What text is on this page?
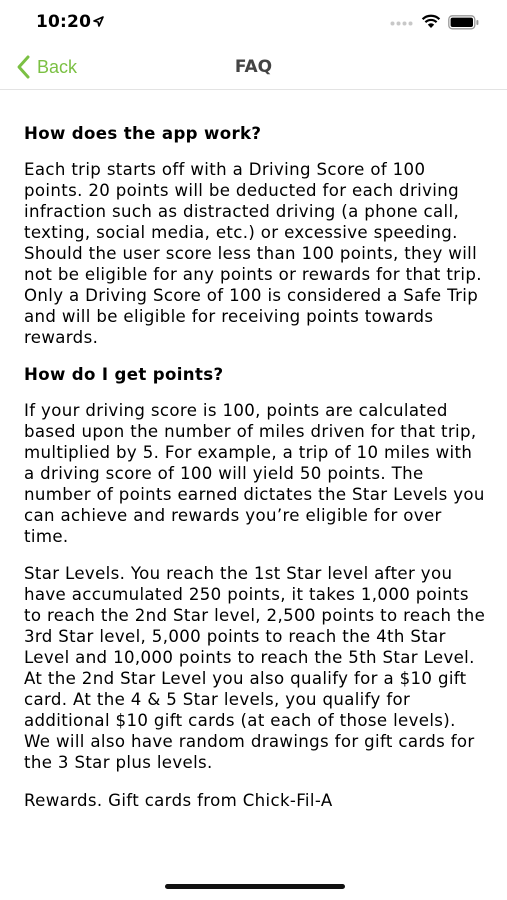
10:20
Back	FAQ
How does the app work?

Each trip starts off with a Driving Score of 100 points. 20 points will be deducted for each driving infraction such as distracted driving (a phone call, texting, social media, etc.) or excessive speeding. Should the user score less than 100 points, they will not be eligible for any points or rewards for that trip. Only a Driving Score of 100 is considered a Safe Trip and will be eligible for receiving points towards rewards.

How do I get points?

If your driving score is 100, points are calculated based upon the number of miles driven for that trip, multiplied by 5. For example, a trip of 10 miles with a driving score of 100 will yield 50 points. The number of points earned dictates the Star Levels you can achieve and rewards you’re eligible for over time.

Star Levels. You reach the 1st Star level after you have accumulated 250 points, it takes 1,000 points to reach the 2nd Star level, 2,500 points to reach the 3rd Star level, 5,000 points to reach the 4th Star Level and 10,000 points to reach the 5th Star Level. At the 2nd Star Level you also qualify for a $10 gift card. At the 4 & 5 Star levels, you qualify for additional $10 gift cards (at each of those levels). We will also have random drawings for gift cards for the 3 Star plus levels.

Rewards. Gift cards from Chick-Fil-A
